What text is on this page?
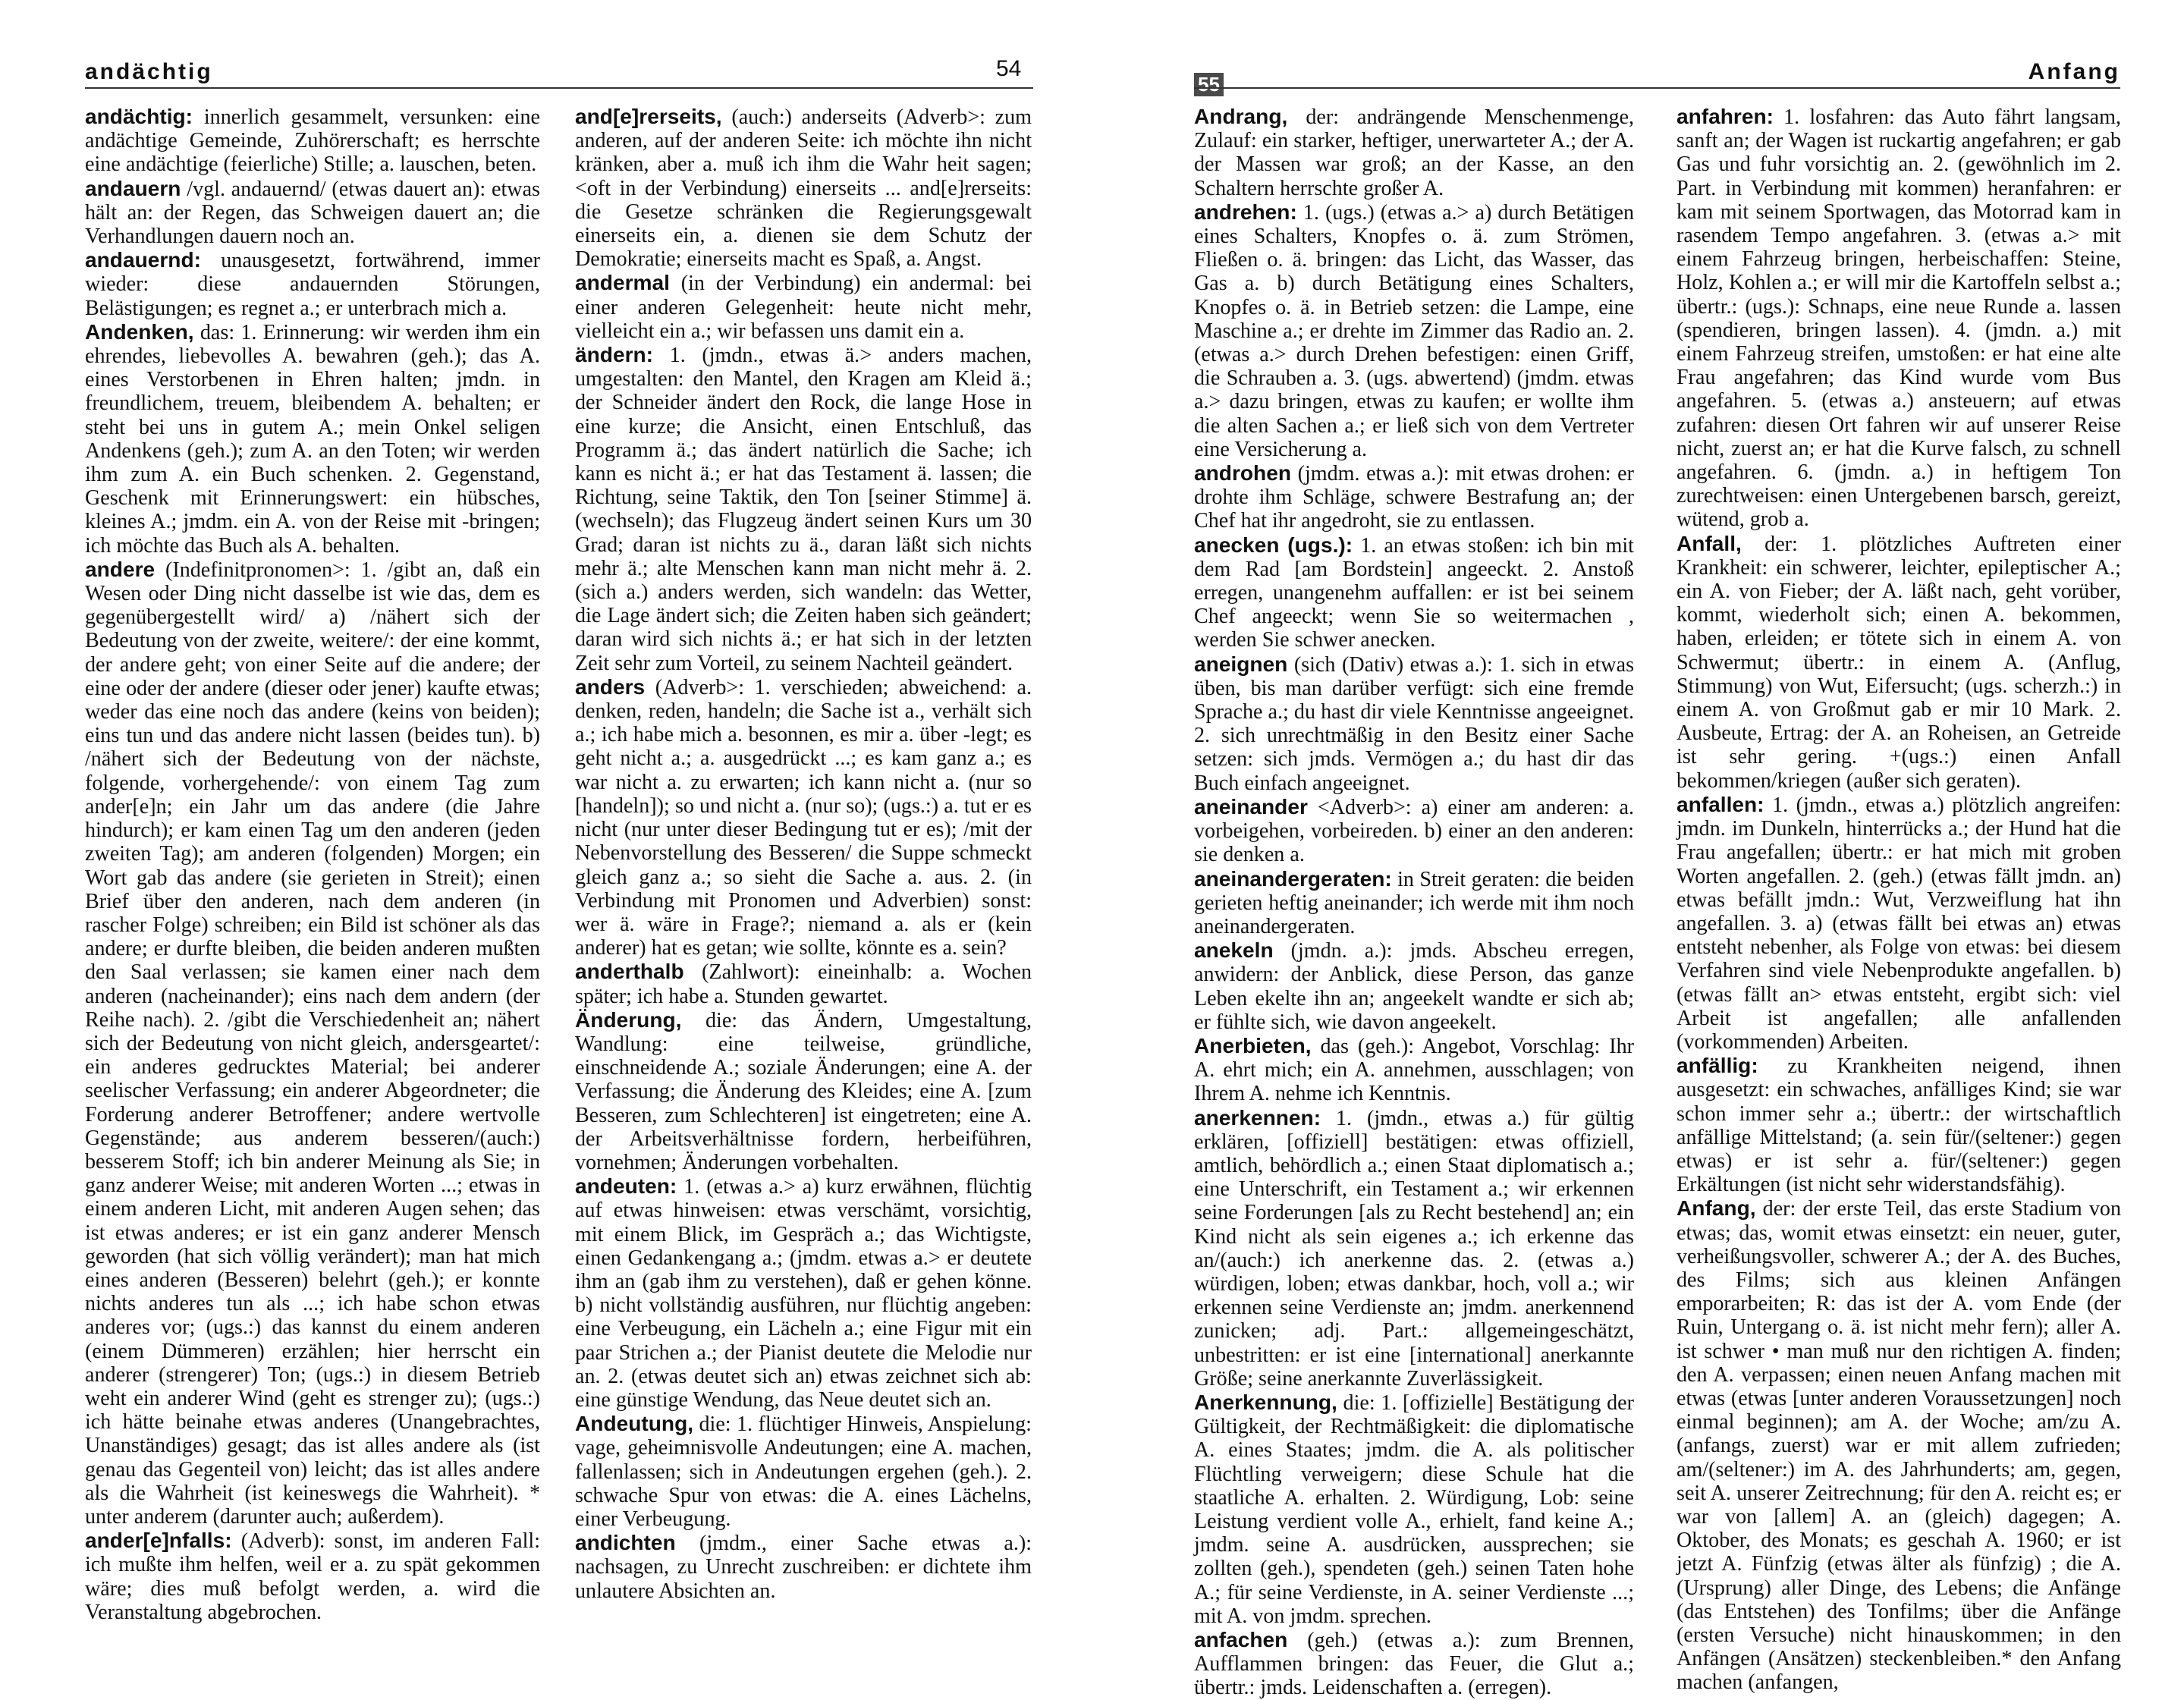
andächtig	54

andächtig: innerlich gesammelt, versunken: eine andächtige Gemeinde, Zuhörerschaft; es herrschte eine andächtige (feierliche) Stille; a. lauschen, beten.

andauern /vgl. andauernd/ (etwas dauert an): etwas hält an: der Regen, das Schweigen dauert an; die Verhandlungen dauern noch an.

andauernd: unausgesetzt, fortwährend, immer wieder: diese andauernden Störungen, Belästigungen; es regnet a.; er unterbrach mich a.

Andenken, das: 1. Erinnerung: wir werden ihm ein ehrendes, liebevolles A. bewahren (geh.); das A. eines Verstorbenen in Ehren halten; jmdn. in freundlichem, treuem, bleibendem A. behalten; er steht bei uns in gutem A.; mein Onkel seligen Andenkens (geh.); zum A. an den Toten; wir werden ihm zum A. ein Buch schenken. 2. Gegenstand, Geschenk mit Erinnerungswert: ein hübsches, kleines A.; jmdm. ein A. von der Reise mit -bringen; ich möchte das Buch als A. behalten.

andere (Indefinitpronomen>: 1. /gibt an, daß ein Wesen oder Ding nicht dasselbe ist wie das, dem es gegenübergestellt wird/ a) /nähert sich der Bedeutung von der zweite, weitere/: der eine kommt, der andere geht; von einer Seite auf die andere; der eine oder der andere (dieser oder jener) kaufte etwas; weder das eine noch das andere (keins von beiden); eins tun und das andere nicht lassen (beides tun). b) /nähert sich der Bedeutung von der nächste, folgende, vorhergehende/: von einem Tag zum ander[e]n; ein Jahr um das andere (die Jahre hindurch); er kam einen Tag um den anderen (jeden zweiten Tag); am anderen (folgenden) Morgen; ein Wort gab das andere (sie gerieten in Streit); einen Brief über den anderen, nach dem anderen (in rascher Folge) schreiben; ein Bild ist schöner als das andere; er durfte bleiben, die beiden anderen mußten den Saal verlassen; sie kamen einer nach dem anderen (nacheinander); eins nach dem andern (der Reihe nach). 2. /gibt die Verschiedenheit an; nähert sich der Bedeutung von nicht gleich, andersgeartet/: ein anderes gedrucktes Material; bei anderer seelischer Verfassung; ein anderer Abgeordneter; die Forderung anderer Betroffener; andere wertvolle Gegenstände; aus anderem besseren/(auch:) besserem Stoff; ich bin anderer Meinung als Sie; in ganz anderer Weise; mit anderen Worten ...; etwas in einem anderen Licht, mit anderen Augen sehen; das ist etwas anderes; er ist ein ganz anderer Mensch geworden (hat sich völlig verändert); man hat mich eines anderen (Besseren) belehrt (geh.); er konnte nichts anderes tun als ...; ich habe schon etwas anderes vor; (ugs.:) das kannst du einem anderen (einem Dümmeren) erzählen; hier herrscht ein anderer (strengerer) Ton; (ugs.:) in diesem Betrieb weht ein anderer Wind (geht es strenger zu); (ugs.:) ich hätte beinahe etwas anderes (Unangebrachtes, Unanständiges) gesagt; das ist alles andere als (ist genau das Gegenteil von) leicht; das ist alles andere als die Wahrheit (ist keineswegs die Wahrheit). * unter anderem (darunter auch; außerdem).

ander[e]nfalls: (Adverb): sonst, im anderen Fall: ich mußte ihm helfen, weil er a. zu spät gekommen wäre; dies muß befolgt werden, a. wird die Veranstaltung abgebrochen.

and[e]rerseits, (auch:) anderseits (Adverb>: zum anderen, auf der anderen Seite: ich möchte ihn nicht kränken, aber a. muß ich ihm die Wahr heit sagen; <oft in der Verbindung) einerseits ... and[e]rerseits: die Gesetze schränken die Regierungsgewalt einerseits ein, a. dienen sie dem Schutz der Demokratie; einerseits macht es Spaß, a. Angst.

andermal (in der Verbindung) ein andermal: bei einer anderen Gelegenheit: heute nicht mehr, vielleicht ein a.; wir befassen uns damit ein a.

ändern: 1. (jmdn., etwas ä.> anders machen, umgestalten: den Mantel, den Kragen am Kleid ä.; der Schneider ändert den Rock, die lange Hose in eine kurze; die Ansicht, einen Entschluß, das Programm ä.; das ändert natürlich die Sache; ich kann es nicht ä.; er hat das Testament ä. lassen; die Richtung, seine Taktik, den Ton [seiner Stimme] ä. (wechseln); das Flugzeug ändert seinen Kurs um 30 Grad; daran ist nichts zu ä., daran läßt sich nichts mehr ä.; alte Menschen kann man nicht mehr ä. 2. (sich a.) anders werden, sich wandeln: das Wetter, die Lage ändert sich; die Zeiten haben sich geändert; daran wird sich nichts ä.; er hat sich in der letzten Zeit sehr zum Vorteil, zu seinem Nachteil geändert.

anders (Adverb>: 1. verschieden; abweichend: a. denken, reden, handeln; die Sache ist a., verhält sich a.; ich habe mich a. besonnen, es mir a. über -legt; es geht nicht a.; a. ausgedrückt ...; es kam ganz a.; es war nicht a. zu erwarten; ich kann nicht a. (nur so [handeln]); so und nicht a. (nur so); (ugs.:) a. tut er es nicht (nur unter dieser Bedingung tut er es); /mit der Nebenvorstellung des Besseren/ die Suppe schmeckt gleich ganz a.; so sieht die Sache a. aus. 2. (in Verbindung mit Pronomen und Adverbien) sonst: wer ä. wäre in Frage?; niemand a. als er (kein anderer) hat es getan; wie sollte, könnte es a. sein?

anderthalb (Zahlwort): eineinhalb: a. Wochen später; ich habe a. Stunden gewartet.

Änderung, die: das Ändern, Umgestaltung, Wandlung: eine teilweise, gründliche, einschneidende A.; soziale Änderungen; eine A. der Verfassung; die Änderung des Kleides; eine A. [zum Besseren, zum Schlechteren] ist eingetreten; eine A. der Arbeitsverhältnisse fordern, herbeiführen, vornehmen; Änderungen vorbehalten.

andeuten: 1. (etwas a.> a) kurz erwähnen, flüchtig auf etwas hinweisen: etwas verschämt, vorsichtig, mit einem Blick, im Gespräch a.; das Wichtigste, einen Gedankengang a.; (jmdm. etwas a.> er deutete ihm an (gab ihm zu verstehen), daß er gehen könne. b) nicht vollständig ausführen, nur flüchtig angeben: eine Verbeugung, ein Lächeln a.; eine Figur mit ein paar Strichen a.; der Pianist deutete die Melodie nur an. 2. (etwas deutet sich an) etwas zeichnet sich ab: eine günstige Wendung, das Neue deutet sich an.

Andeutung, die: 1. flüchtiger Hinweis, Anspielung: vage, geheimnisvolle Andeutungen; eine A. machen, fallenlassen; sich in Andeutungen ergehen (geh.). 2. schwache Spur von etwas: die A. eines Lächelns, einer Verbeugung.

andichten (jmdm., einer Sache etwas a.): nachsagen, zu Unrecht zuschreiben: er dichtete ihm unlautere Absichten an.

55	Anfang

Andrang, der: andrängende Menschenmenge, Zulauf: ein starker, heftiger, unerwarteter A.; der A. der Massen war groß; an der Kasse, an den Schaltern herrschte großer A.

andrehen: 1. (ugs.) (etwas a.> a) durch Betätigen eines Schalters, Knopfes o. ä. zum Strömen, Fließen o. ä. bringen: das Licht, das Wasser, das Gas a. b) durch Betätigung eines Schalters, Knopfes o. ä. in Betrieb setzen: die Lampe, eine Maschine a.; er drehte im Zimmer das Radio an. 2. (etwas a.> durch Drehen befestigen: einen Griff, die Schrauben a. 3. (ugs. abwertend) (jmdm. etwas a.> dazu bringen, etwas zu kaufen; er wollte ihm die alten Sachen a.; er ließ sich von dem Vertreter eine Versicherung a.

androhen (jmdm. etwas a.): mit etwas drohen: er drohte ihm Schläge, schwere Bestrafung an; der Chef hat ihr angedroht, sie zu entlassen.

anecken (ugs.): 1. an etwas stoßen: ich bin mit dem Rad [am Bordstein] angeeckt. 2. Anstoß erregen, unangenehm auffallen: er ist bei seinem Chef angeeckt; wenn Sie so weitermachen , werden Sie schwer anecken.

aneignen (sich (Dativ) etwas a.): 1. sich in etwas üben, bis man darüber verfügt: sich eine fremde Sprache a.; du hast dir viele Kenntnisse angeeignet. 2. sich unrechtmäßig in den Besitz einer Sache setzen: sich jmds. Vermögen a.; du hast dir das Buch einfach angeeignet.

aneinander <Adverb>: a) einer am anderen: a. vorbeigehen, vorbeireden. b) einer an den anderen: sie denken a.

aneinandergeraten: in Streit geraten: die beiden gerieten heftig aneinander; ich werde mit ihm noch aneinandergeraten.

anekeln (jmdn. a.): jmds. Abscheu erregen, anwidern: der Anblick, diese Person, das ganze Leben ekelte ihn an; angeekelt wandte er sich ab; er fühlte sich, wie davon angeekelt.

Anerbieten, das (geh.): Angebot, Vorschlag: Ihr A. ehrt mich; ein A. annehmen, ausschlagen; von Ihrem A. nehme ich Kenntnis.

anerkennen: 1. (jmdn., etwas a.) für gültig erklären, [offiziell] bestätigen: etwas offiziell, amtlich, behördlich a.; einen Staat diplomatisch a.; eine Unterschrift, ein Testament a.; wir erkennen seine Forderungen [als zu Recht bestehend] an; ein Kind nicht als sein eigenes a.; ich erkenne das an/(auch:) ich anerkenne das. 2. (etwas a.) würdigen, loben; etwas dankbar, hoch, voll a.; wir erkennen seine Verdienste an; jmdm. anerkennend zunicken; adj. Part.: allgemeingeschätzt, unbestritten: er ist eine [international] anerkannte Größe; seine anerkannte Zuverlässigkeit.

Anerkennung, die: 1. [offizielle] Bestätigung der Gültigkeit, der Rechtmäßigkeit: die diplomatische A. eines Staates; jmdm. die A. als politischer Flüchtling verweigern; diese Schule hat die staatliche A. erhalten. 2. Würdigung, Lob: seine Leistung verdient volle A., erhielt, fand keine A.; jmdm. seine A. ausdrücken, aussprechen; sie zollten (geh.), spendeten (geh.) seinen Taten hohe A.; für seine Verdienste, in A. seiner Verdienste ...; mit A. von jmdm. sprechen.

anfachen (geh.) (etwas a.): zum Brennen, Aufflammen bringen: das Feuer, die Glut a.; übertr.: jmds. Leidenschaften a. (erregen).

anfahren: 1. losfahren: das Auto fährt langsam, sanft an; der Wagen ist ruckartig angefahren; er gab Gas und fuhr vorsichtig an. 2. (gewöhnlich im 2. Part. in Verbindung mit kommen) heranfahren: er kam mit seinem Sportwagen, das Motorrad kam in rasendem Tempo angefahren. 3. (etwas a.> mit einem Fahrzeug bringen, herbeischaffen: Steine, Holz, Kohlen a.; er will mir die Kartoffeln selbst a.; übertr.: (ugs.): Schnaps, eine neue Runde a. lassen (spendieren, bringen lassen). 4. (jmdn. a.) mit einem Fahrzeug streifen, umstoßen: er hat eine alte Frau angefahren; das Kind wurde vom Bus angefahren. 5. (etwas a.) ansteuern; auf etwas zufahren: diesen Ort fahren wir auf unserer Reise nicht, zuerst an; er hat die Kurve falsch, zu schnell angefahren. 6. (jmdn. a.) in heftigem Ton zurechtweisen: einen Untergebenen barsch, gereizt, wütend, grob a.

Anfall, der: 1. plötzliches Auftreten einer Krankheit: ein schwerer, leichter, epileptischer A.; ein A. von Fieber; der A. läßt nach, geht vorüber, kommt, wiederholt sich; einen A. bekommen, haben, erleiden; er tötete sich in einem A. von Schwermut; übertr.: in einem A. (Anflug, Stimmung) von Wut, Eifersucht; (ugs. scherzh.:) in einem A. von Großmut gab er mir 10 Mark. 2. Ausbeute, Ertrag: der A. an Roheisen, an Getreide ist sehr gering. +(ugs.:) einen Anfall bekommen/kriegen (außer sich geraten).

anfallen: 1. (jmdn., etwas a.) plötzlich angreifen: jmdn. im Dunkeln, hinterrücks a.; der Hund hat die Frau angefallen; übertr.: er hat mich mit groben Worten angefallen. 2. (geh.) (etwas fällt jmdn. an) etwas befällt jmdn.: Wut, Verzweiflung hat ihn angefallen. 3. a) (etwas fällt bei etwas an) etwas entsteht nebenher, als Folge von etwas: bei diesem Verfahren sind viele Nebenprodukte angefallen. b) (etwas fällt an> etwas entsteht, ergibt sich: viel Arbeit ist angefallen; alle anfallenden (vorkommenden) Arbeiten.

anfällig: zu Krankheiten neigend, ihnen ausgesetzt: ein schwaches, anfälliges Kind; sie war schon immer sehr a.; übertr.: der wirtschaftlich anfällige Mittelstand; (a. sein für/(seltener:) gegen etwas) er ist sehr a. für/(seltener:) gegen Erkältungen (ist nicht sehr widerstandsfähig).

Anfang, der: der erste Teil, das erste Stadium von etwas; das, womit etwas einsetzt: ein neuer, guter, verheißungsvoller, schwerer A.; der A. des Buches, des Films; sich aus kleinen Anfängen emporarbeiten; R: das ist der A. vom Ende (der Ruin, Untergang o. ä. ist nicht mehr fern); aller A. ist schwer • man muß nur den richtigen A. finden; den A. verpassen; einen neuen Anfang machen mit etwas (etwas [unter anderen Voraussetzungen] noch einmal beginnen); am A. der Woche; am/zu A. (anfangs, zuerst) war er mit allem zufrieden; am/(seltener:) im A. des Jahrhunderts; am, gegen, seit A. unserer Zeitrechnung; für den A. reicht es; er war von [allem] A. an (gleich) dagegen; A. Oktober, des Monats; es geschah A. 1960; er ist jetzt A. Fünfzig (etwas älter als fünfzig) ; die A. (Ursprung) aller Dinge, des Lebens; die Anfänge (das Entstehen) des Tonfilms; über die Anfänge (ersten Versuche) nicht hinauskommen; in den Anfängen (Ansätzen) steckenbleiben.* den Anfang machen (anfangen,
